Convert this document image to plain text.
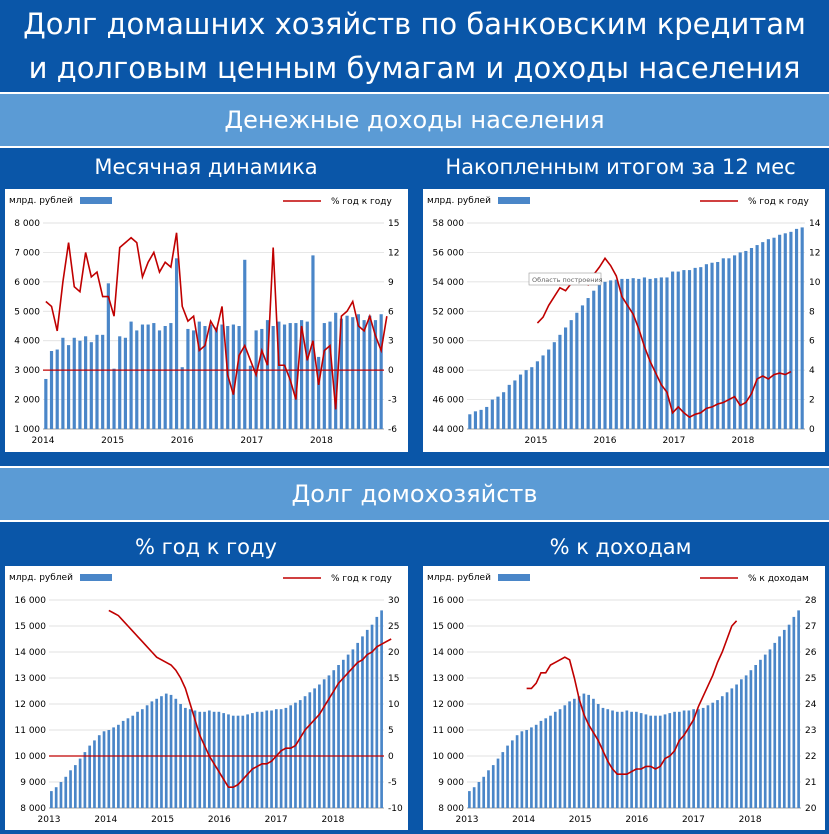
Долг домашних хозяйств по банковским кредитам
и долговым ценным бумагам и доходы населения
Денежные доходы населения
Месячная динамика	Накопленным итогом за 12 мес
1 000
2 000
3 000
4 000
5 000
6 000
7 000
8 000
-6
-3
0
3
6
9
12
15
2014	2015	2016	2017	2018
млрд. рублей	% год к году
44 000
46 000
48 000
50 000
52 000
54 000
56 000
58 000
0
2
4
6
8
10
12
14
2015	2016	2017	2018
млрд. рублей	% год к году
Область построения
Долг домохозяйств
% год к году	% к доходам
8 000
9 000
10 000
11 000
12 000
13 000
14 000
15 000
16 000
-10
-5
0
5
10
15
20
25
30
2013	2014	2015	2016	2017	2018
млрд. рублей	% год к году
8 000
9 000
10 000
11 000
12 000
13 000
14 000
15 000
16 000
20
21
22
23
24
25
26
27
28
2013	2014	2015	2016	2017	2018
млрд. рублей	% к доходам
